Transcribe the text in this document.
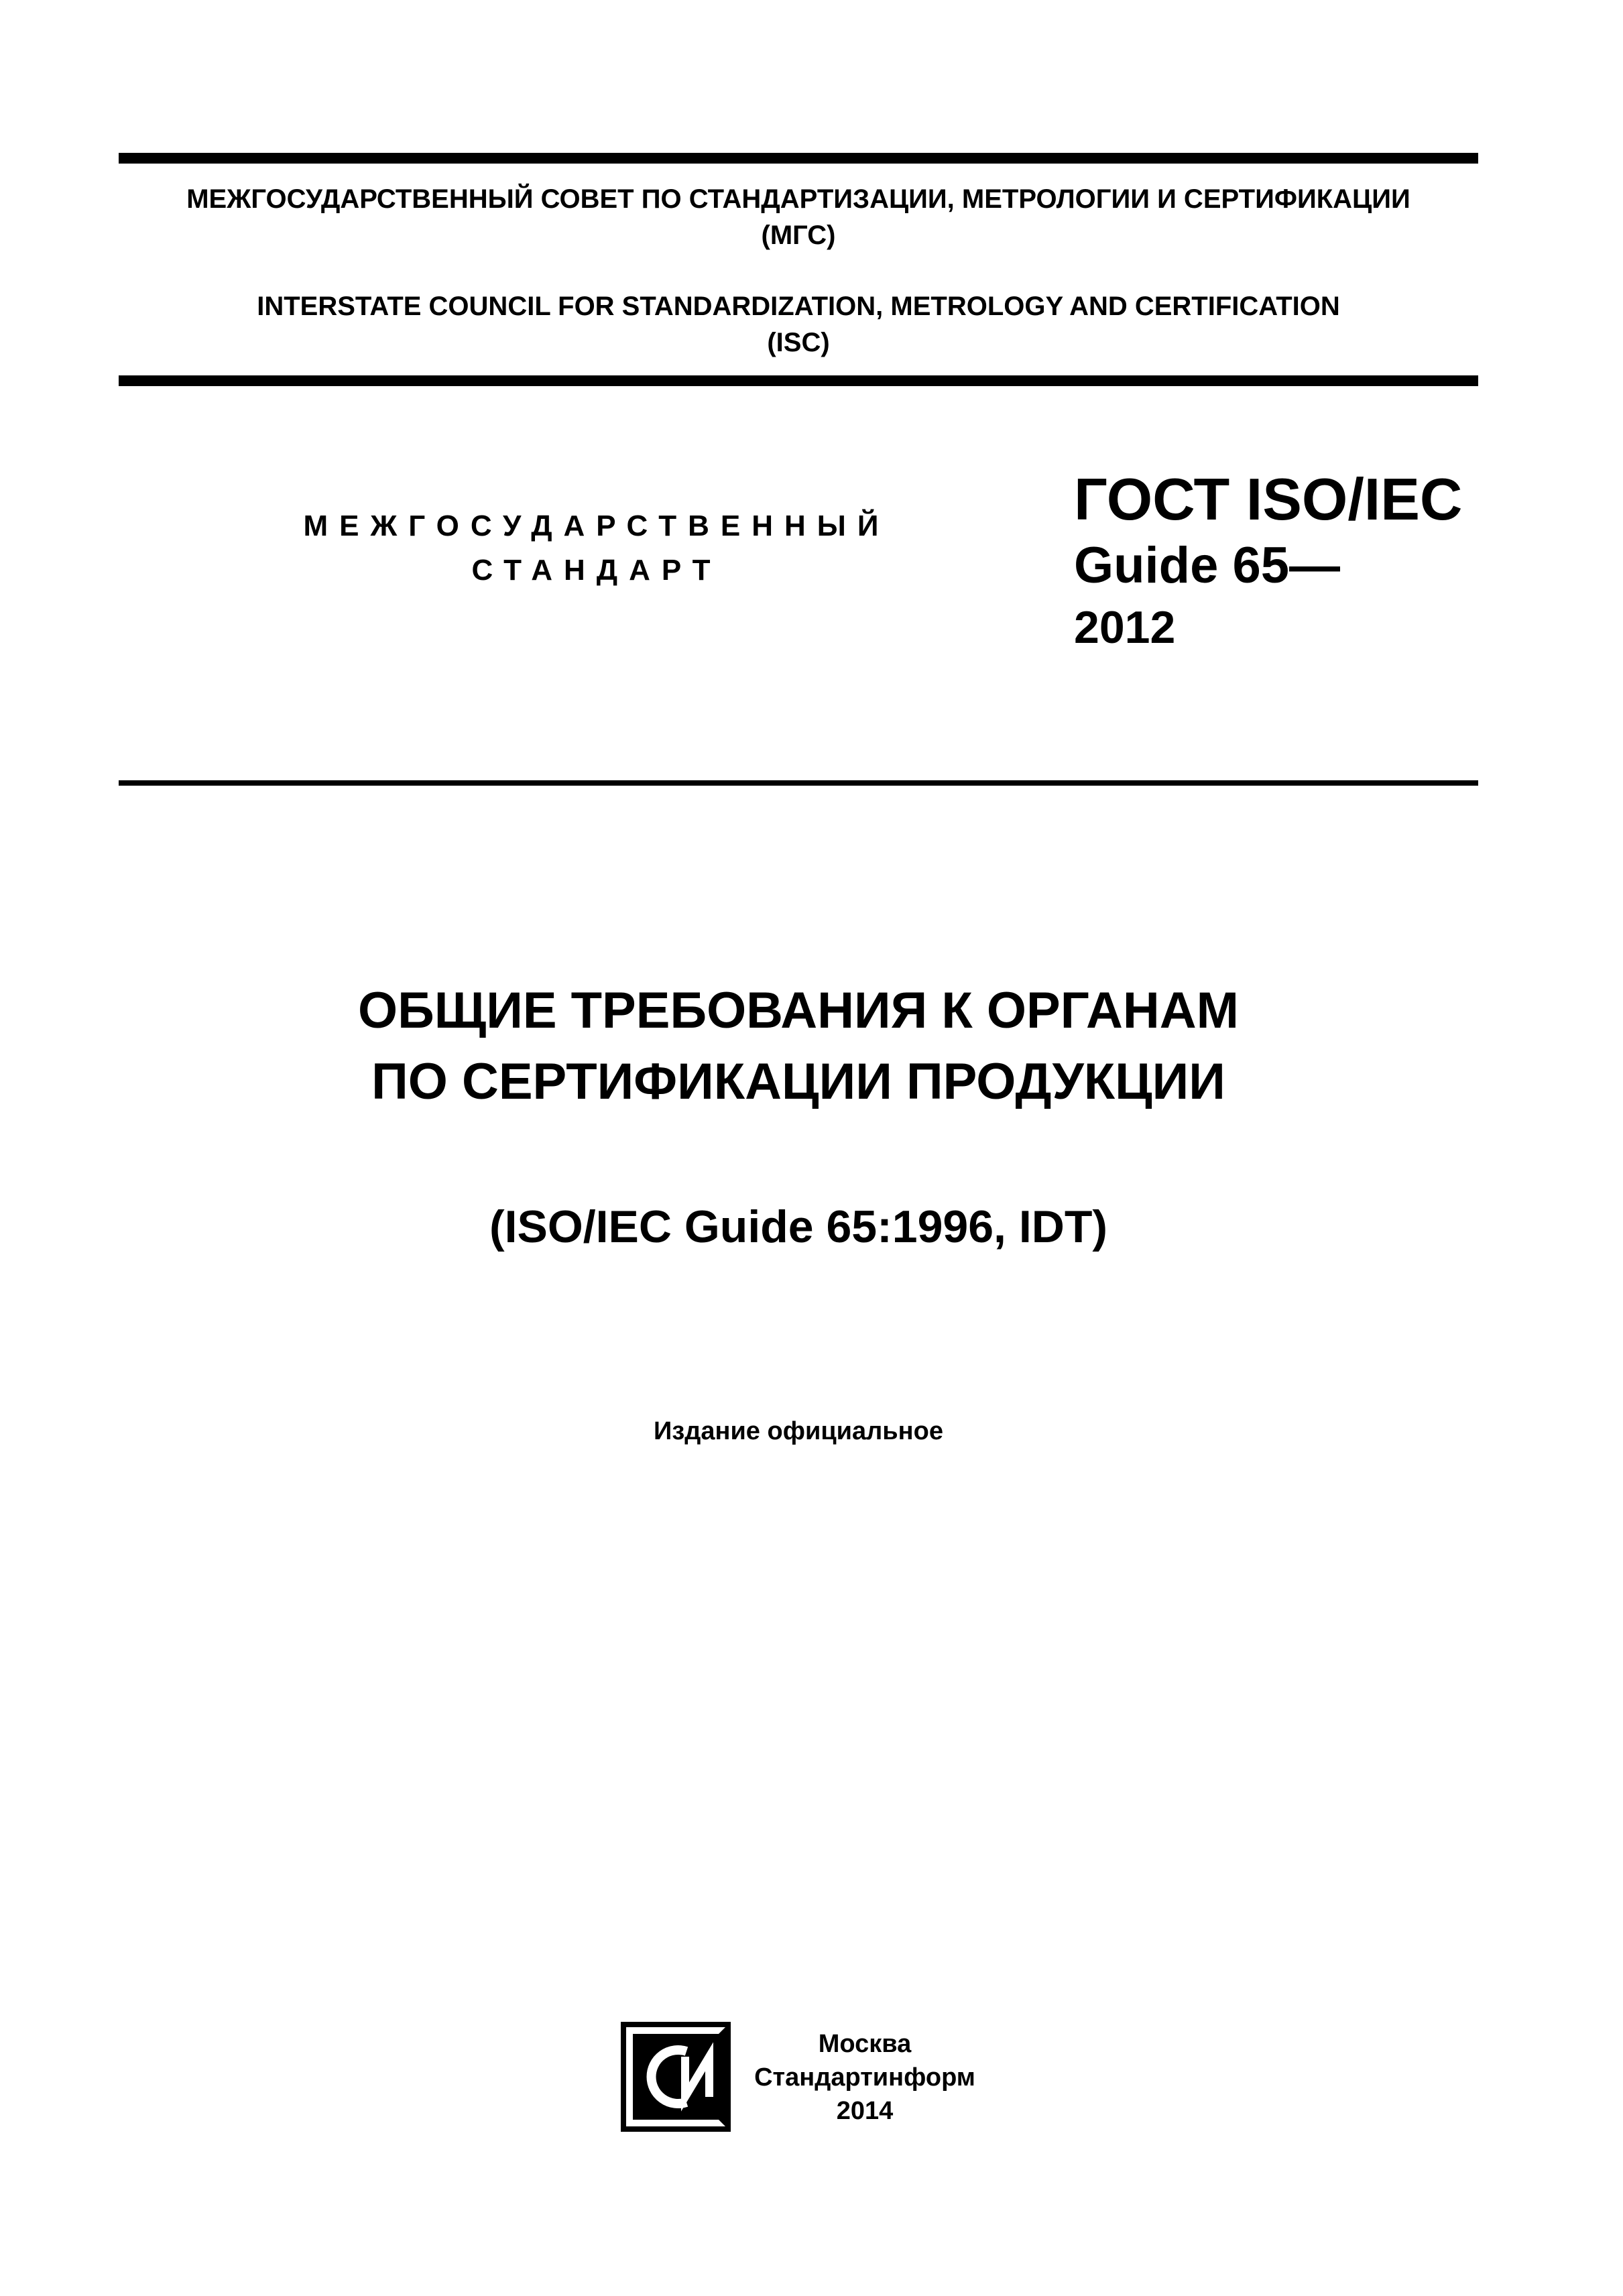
МЕЖГОСУДАРСТВЕННЫЙ СОВЕТ ПО СТАНДАРТИЗАЦИИ, МЕТРОЛОГИИ И СЕРТИФИКАЦИИ
(МГС)
INTERSTATE COUNCIL FOR STANDARDIZATION, METROLOGY AND CERTIFICATION
(ISC)
МЕЖГОСУДАРСТВЕННЫЙ
СТАНДАРТ
ГОСТ ISO/IEC
Guide 65—
2012
ОБЩИЕ ТРЕБОВАНИЯ К ОРГАНАМ
ПО СЕРТИФИКАЦИИ ПРОДУКЦИИ
(ISO/IEC Guide 65:1996, IDT)
Издание официальное
Москва
Стандартинформ
2014
